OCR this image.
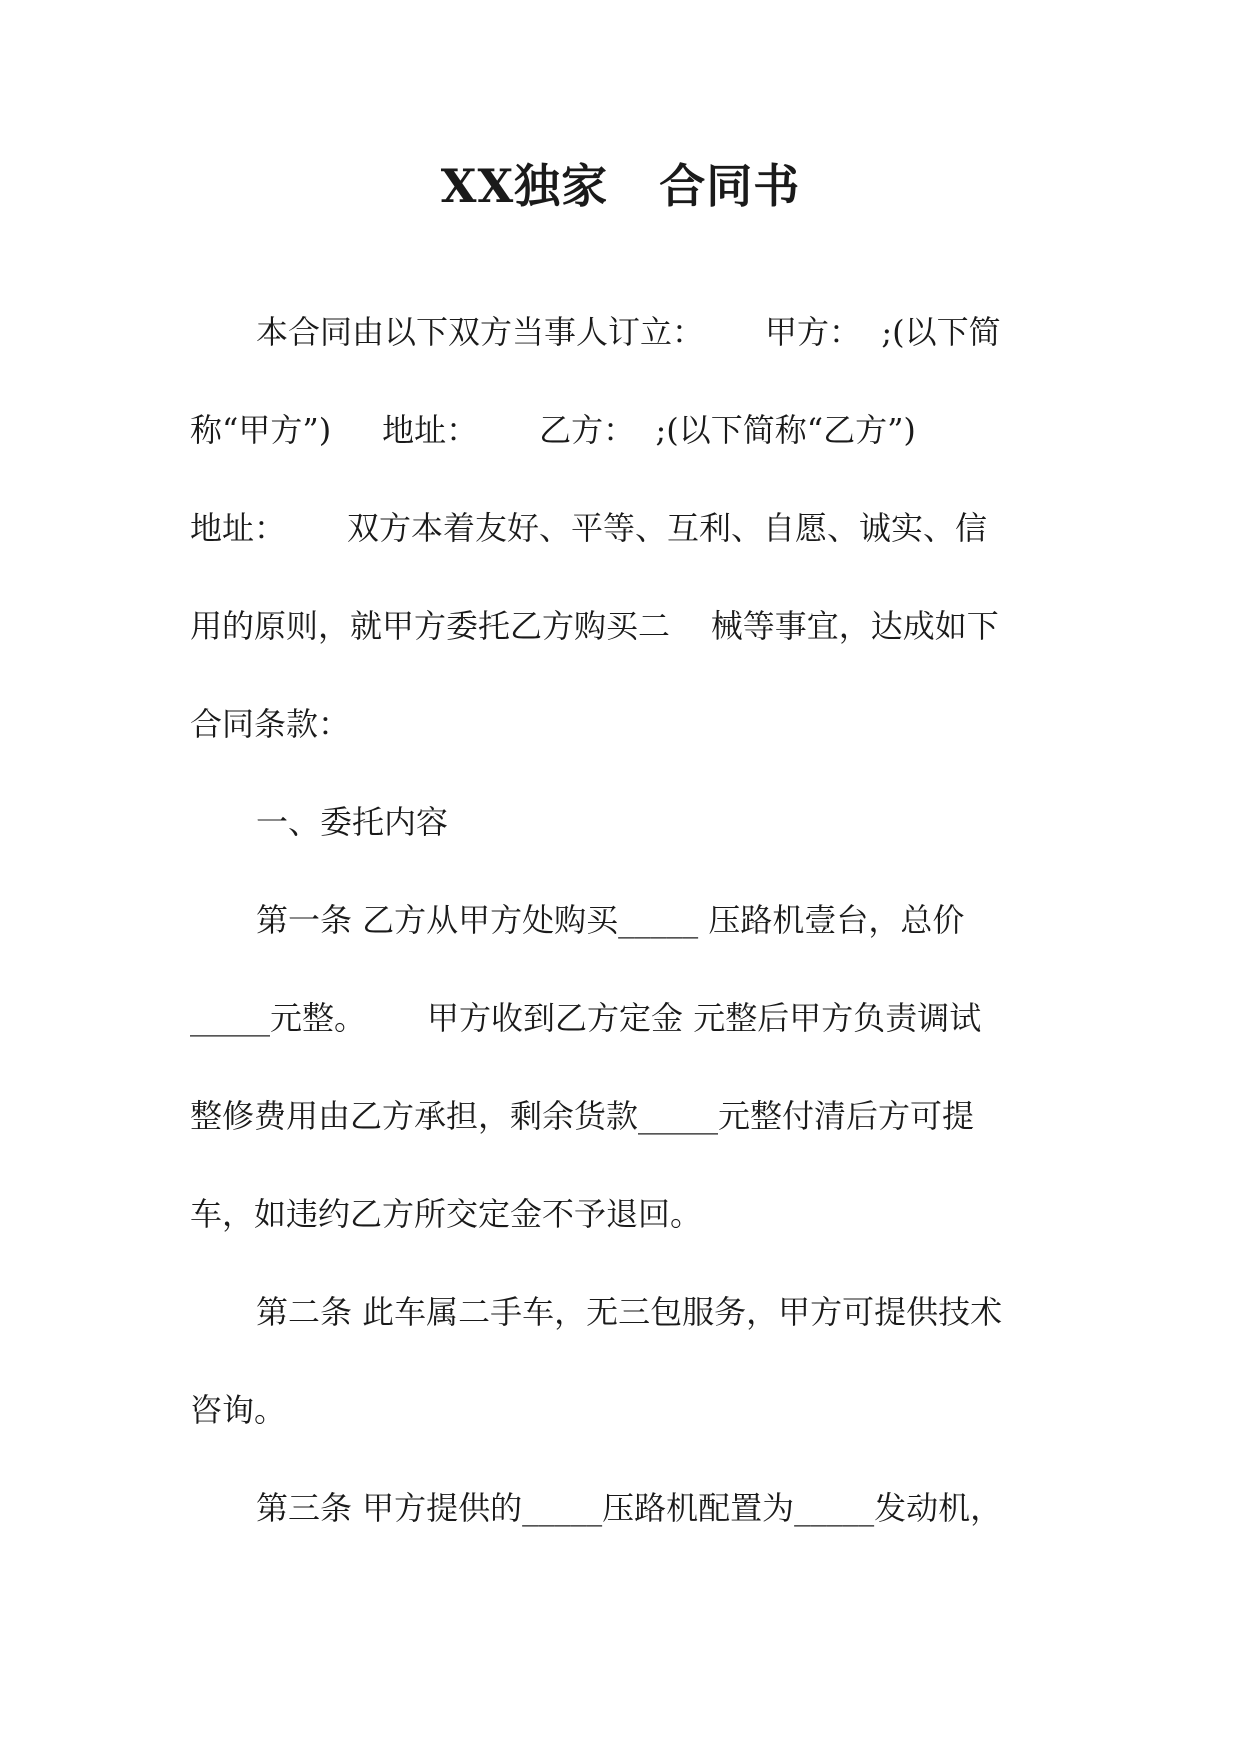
XX独家   合同书
本合同由以下双方当事人订立：      甲方：  ;(以下简
称“甲方”)     地址：      乙方：  ;(以下简称“乙方”)
地址：      双方本着友好、平等、互利、自愿、诚实、信
用的原则，就甲方委托乙方购买二    械等事宜，达成如下
合同条款：
一、委托内容
第一条 乙方从甲方处购买_____ 压路机壹台，总价
_____元整。      甲方收到乙方定金 元整后甲方负责调试
整修费用由乙方承担，剩余货款_____元整付清后方可提
车，如违约乙方所交定金不予退回。
第二条 此车属二手车，无三包服务，甲方可提供技术
咨询。
第三条 甲方提供的_____压路机配置为_____发动机，
